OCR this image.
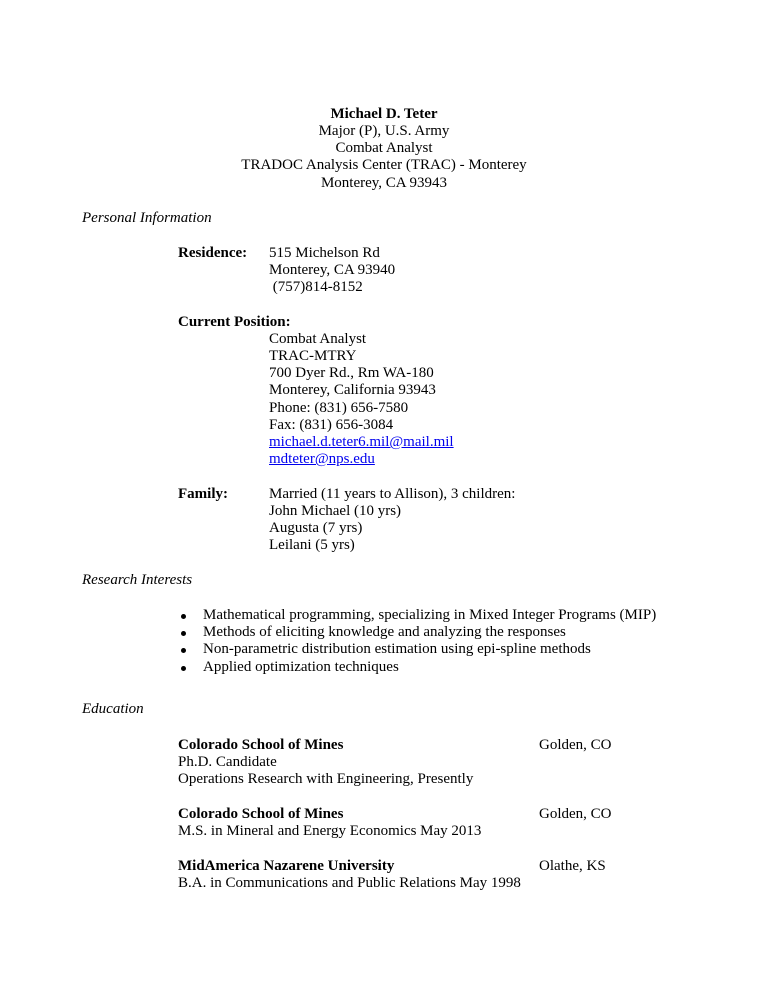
Michael D. Teter
Major (P), U.S. Army
Combat Analyst
TRADOC Analysis Center (TRAC) - Monterey
Monterey, CA 93943
Personal Information
Residence: 515 Michelson Rd
Monterey, CA 93940
(757)814-8152
Current Position:
Combat Analyst
TRAC-MTRY
700 Dyer Rd., Rm WA-180
Monterey, California 93943
Phone: (831) 656-7580
Fax: (831) 656-3084
michael.d.teter6.mil@mail.mil
mdteter@nps.edu
Family:	Married (11 years to Allison), 3 children:
John Michael (10 yrs)
Augusta (7 yrs)
Leilani (5 yrs)
Research Interests
Mathematical programming, specializing in Mixed Integer Programs (MIP)
Methods of eliciting knowledge and analyzing the responses
Non-parametric distribution estimation using epi-spline methods
Applied optimization techniques
Education
Colorado School of Mines	Golden, CO
Ph.D. Candidate
Operations Research with Engineering, Presently
Colorado School of Mines	Golden, CO
M.S. in Mineral and Energy Economics May 2013
MidAmerica Nazarene University	Olathe, KS
B.A. in Communications and Public Relations May 1998
